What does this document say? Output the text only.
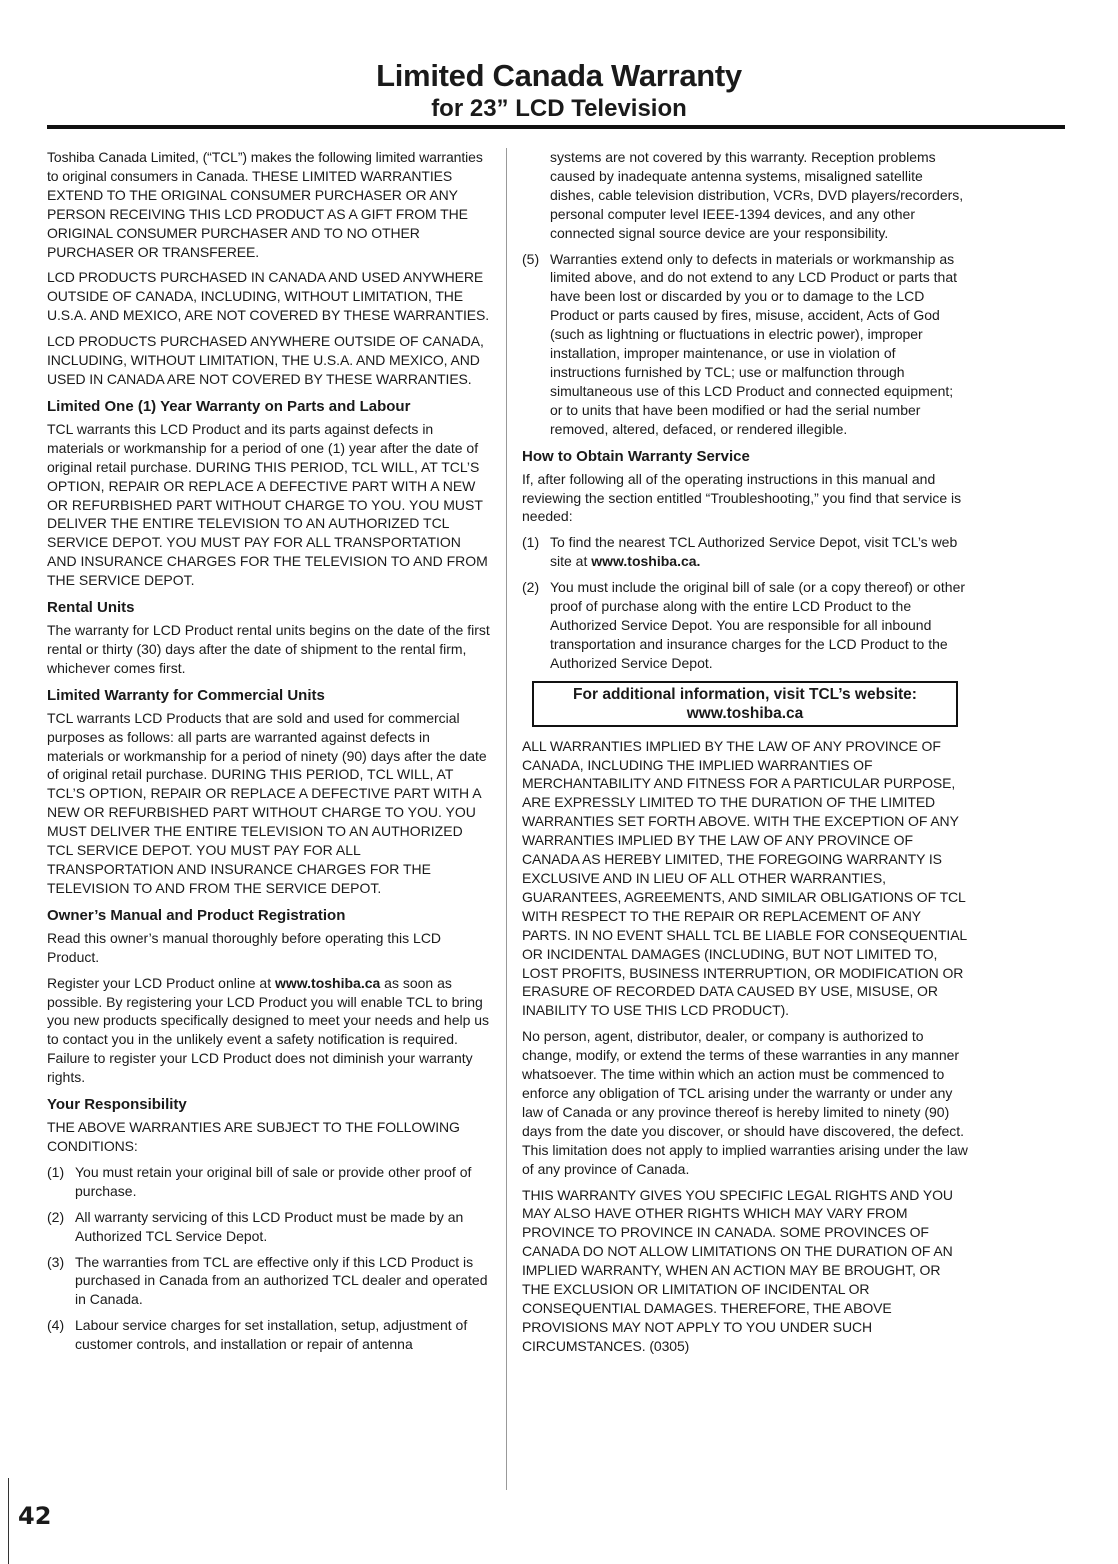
Limited Canada Warranty
for 23” LCD Television

Toshiba Canada Limited, (“TCL”) makes the following limited warranties to original consumers in Canada. THESE LIMITED WARRANTIES EXTEND TO THE ORIGINAL CONSUMER PURCHASER OR ANY PERSON RECEIVING THIS LCD PRODUCT AS A GIFT FROM THE ORIGINAL CONSUMER PURCHASER AND TO NO OTHER PURCHASER OR TRANSFEREE.

LCD PRODUCTS PURCHASED IN CANADA AND USED ANYWHERE OUTSIDE OF CANADA, INCLUDING, WITHOUT LIMITATION, THE U.S.A. AND MEXICO, ARE NOT COVERED BY THESE WARRANTIES.

LCD PRODUCTS PURCHASED ANYWHERE OUTSIDE OF CANADA, INCLUDING, WITHOUT LIMITATION, THE U.S.A. AND MEXICO, AND USED IN CANADA ARE NOT COVERED BY THESE WARRANTIES.

Limited One (1) Year Warranty on Parts and Labour

TCL warrants this LCD Product and its parts against defects in materials or workmanship for a period of one (1) year after the date of original retail purchase. DURING THIS PERIOD, TCL WILL, AT TCL’S OPTION, REPAIR OR REPLACE A DEFECTIVE PART WITH A NEW OR REFURBISHED PART WITHOUT CHARGE TO YOU. YOU MUST DELIVER THE ENTIRE TELEVISION TO AN AUTHORIZED TCL SERVICE DEPOT. YOU MUST PAY FOR ALL TRANSPORTATION AND INSURANCE CHARGES FOR THE TELEVISION TO AND FROM THE SERVICE DEPOT.

Rental Units

The warranty for LCD Product rental units begins on the date of the first rental or thirty (30) days after the date of shipment to the rental firm, whichever comes first.

Limited Warranty for Commercial Units

TCL warrants LCD Products that are sold and used for commercial purposes as follows: all parts are warranted against defects in materials or workmanship for a period of ninety (90) days after the date of original retail purchase. DURING THIS PERIOD, TCL WILL, AT TCL’S OPTION, REPAIR OR REPLACE A DEFECTIVE PART WITH A NEW OR REFURBISHED PART WITHOUT CHARGE TO YOU. YOU MUST DELIVER THE ENTIRE TELEVISION TO AN AUTHORIZED TCL SERVICE DEPOT. YOU MUST PAY FOR ALL TRANSPORTATION AND INSURANCE CHARGES FOR THE TELEVISION TO AND FROM THE SERVICE DEPOT.

Owner’s Manual and Product Registration

Read this owner’s manual thoroughly before operating this LCD Product.

Register your LCD Product online at www.toshiba.ca as soon as possible. By registering your LCD Product you will enable TCL to bring you new products specifically designed to meet your needs and help us to contact you in the unlikely event a safety notification is required. Failure to register your LCD Product does not diminish your warranty rights.

Your Responsibility

THE ABOVE WARRANTIES ARE SUBJECT TO THE FOLLOWING CONDITIONS:

(1) You must retain your original bill of sale or provide other proof of purchase.
(2) All warranty servicing of this LCD Product must be made by an Authorized TCL Service Depot.
(3) The warranties from TCL are effective only if this LCD Product is purchased in Canada from an authorized TCL dealer and operated in Canada.
(4) Labour service charges for set installation, setup, adjustment of customer controls, and installation or repair of antenna
systems are not covered by this warranty. Reception problems caused by inadequate antenna systems, misaligned satellite dishes, cable television distribution, VCRs, DVD players/recorders, personal computer level IEEE-1394 devices, and any other connected signal source device are your responsibility.
(5) Warranties extend only to defects in materials or workmanship as limited above, and do not extend to any LCD Product or parts that have been lost or discarded by you or to damage to the LCD Product or parts caused by fires, misuse, accident, Acts of God (such as lightning or fluctuations in electric power), improper installation, improper maintenance, or use in violation of instructions furnished by TCL; use or malfunction through simultaneous use of this LCD Product and connected equipment; or to units that have been modified or had the serial number removed, altered, defaced, or rendered illegible.
How to Obtain Warranty Service

If, after following all of the operating instructions in this manual and reviewing the section entitled “Troubleshooting,” you find that service is needed:

(1) To find the nearest TCL Authorized Service Depot, visit TCL’s web site at www.toshiba.ca.
(2) You must include the original bill of sale (or a copy thereof) or other proof of purchase along with the entire LCD Product to the Authorized Service Depot. You are responsible for all inbound transportation and insurance charges for the LCD Product to the Authorized Service Depot.
For additional information, visit TCL’s website:
www.toshiba.ca

ALL WARRANTIES IMPLIED BY THE LAW OF ANY PROVINCE OF CANADA, INCLUDING THE IMPLIED WARRANTIES OF MERCHANTABILITY AND FITNESS FOR A PARTICULAR PURPOSE, ARE EXPRESSLY LIMITED TO THE DURATION OF THE LIMITED WARRANTIES SET FORTH ABOVE. WITH THE EXCEPTION OF ANY WARRANTIES IMPLIED BY THE LAW OF ANY PROVINCE OF CANADA AS HEREBY LIMITED, THE FOREGOING WARRANTY IS EXCLUSIVE AND IN LIEU OF ALL OTHER WARRANTIES, GUARANTEES, AGREEMENTS, AND SIMILAR OBLIGATIONS OF TCL WITH RESPECT TO THE REPAIR OR REPLACEMENT OF ANY PARTS. IN NO EVENT SHALL TCL BE LIABLE FOR CONSEQUENTIAL OR INCIDENTAL DAMAGES (INCLUDING, BUT NOT LIMITED TO, LOST PROFITS, BUSINESS INTERRUPTION, OR MODIFICATION OR ERASURE OF RECORDED DATA CAUSED BY USE, MISUSE, OR INABILITY TO USE THIS LCD PRODUCT).

No person, agent, distributor, dealer, or company is authorized to change, modify, or extend the terms of these warranties in any manner whatsoever. The time within which an action must be commenced to enforce any obligation of TCL arising under the warranty or under any law of Canada or any province thereof is hereby limited to ninety (90) days from the date you discover, or should have discovered, the defect. This limitation does not apply to implied warranties arising under the law of any province of Canada.

THIS WARRANTY GIVES YOU SPECIFIC LEGAL RIGHTS AND YOU MAY ALSO HAVE OTHER RIGHTS WHICH MAY VARY FROM PROVINCE TO PROVINCE IN CANADA. SOME PROVINCES OF CANADA DO NOT ALLOW LIMITATIONS ON THE DURATION OF AN IMPLIED WARRANTY, WHEN AN ACTION MAY BE BROUGHT, OR THE EXCLUSION OR LIMITATION OF INCIDENTAL OR CONSEQUENTIAL DAMAGES. THEREFORE, THE ABOVE PROVISIONS MAY NOT APPLY TO YOU UNDER SUCH CIRCUMSTANCES. (0305)

42
